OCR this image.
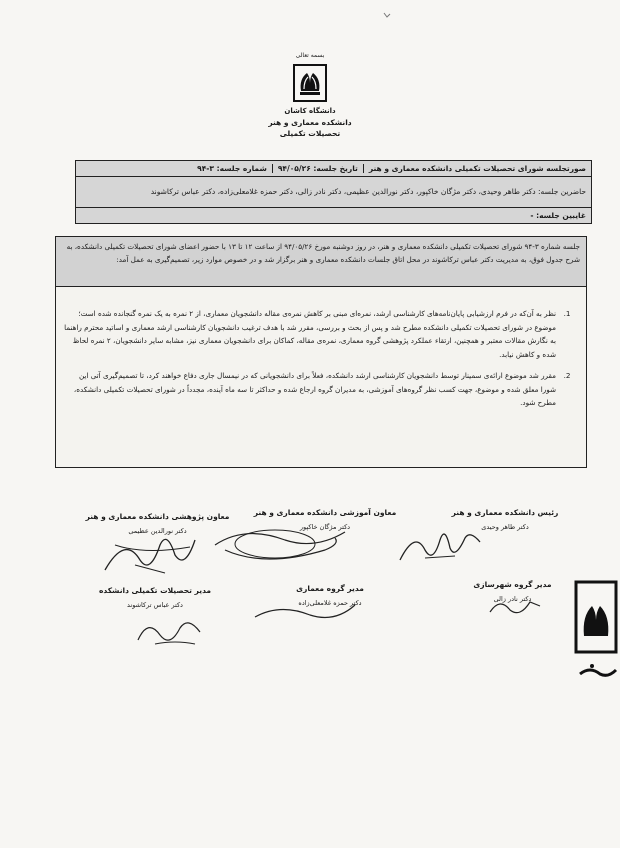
بسمه تعالی
دانشگاه کاشان
دانشکده معماری و هنر
تحصیلات تکمیلی
صورتجلسه شورای تحصیلات تکمیلی دانشکده معماری و هنر
تاریخ جلسه: ۹۴/۰۵/۲۶
شماره جلسه: ۳-۹۴
حاضرین جلسه: دکتر طاهر وحیدی، دکتر مژگان خاکپور، دکتر نورالدین عظیمی، دکتر نادر زالی، دکتر حمزه غلامعلی‌زاده، دکتر عباس ترکاشوند
غایبین جلسه: -
جلسه شماره ۳-۹۴ شورای تحصیلات تکمیلی دانشکده معماری و هنر، در روز دوشنبه مورخ ۹۴/۰۵/۲۶ از ساعت ۱۲ تا ۱۳ با حضور اعضای شورای تحصیلات تکمیلی دانشکده، به شرح جدول فوق، به مدیریت دکتر عباس ترکاشوند در محل اتاق جلسات دانشکده معماری و هنر برگزار شد و در خصوص موارد زیر، تصمیم‌گیری به عمل آمد:
1.
نظر به آن‌که در فرم ارزشیابی پایان‌نامه‌های کارشناسی ارشد، نمره‌ای مبنی بر کاهش نمره‌ی مقاله دانشجویان معماری، از ۲ نمره به یک نمره گنجانده شده است؛ موضوع در شورای تحصیلات تکمیلی دانشکده مطرح شد و پس از بحث و بررسی، مقرر شد با هدف ترغیب دانشجویان کارشناسی ارشد معماری و اساتید محترم راهنما به نگارش مقالات معتبر و همچنین، ارتقاء عملکرد پژوهشی گروه معماری، نمره‌ی مقاله، کماکان برای دانشجویان معماری نیز، مشابه سایر دانشجویان، ۲ نمره لحاظ شده و کاهش نیابد.
2.
مقرر شد موضوع ارائه‌ی سمینار توسط دانشجویان کارشناسی ارشد دانشکده، فعلاً برای دانشجویانی که در نیمسال جاری دفاع خواهند کرد، تا تصمیم‌گیری آتی این شورا معلق شده و موضوع، جهت کسب نظر گروه‌های آموزشی، به مدیران گروه ارجاع شده و حداکثر تا سه ماه آینده، مجدداً در شورای تحصیلات تکمیلی دانشکده، مطرح شود.
رئیس دانشکده معماری و هنر
دکتر طاهر وحیدی
معاون آموزشی دانشکده معماری و هنر
دکتر مژگان خاکپور
معاون پژوهشی دانشکده معماری و هنر
دکتر نورالدین عظیمی
مدیر گروه شهرسازی
دکتر نادر زالی
مدیر گروه معماری
دکتر حمزه غلامعلی‌زاده
مدیر تحصیلات تکمیلی دانشکده
دکتر عباس ترکاشوند
